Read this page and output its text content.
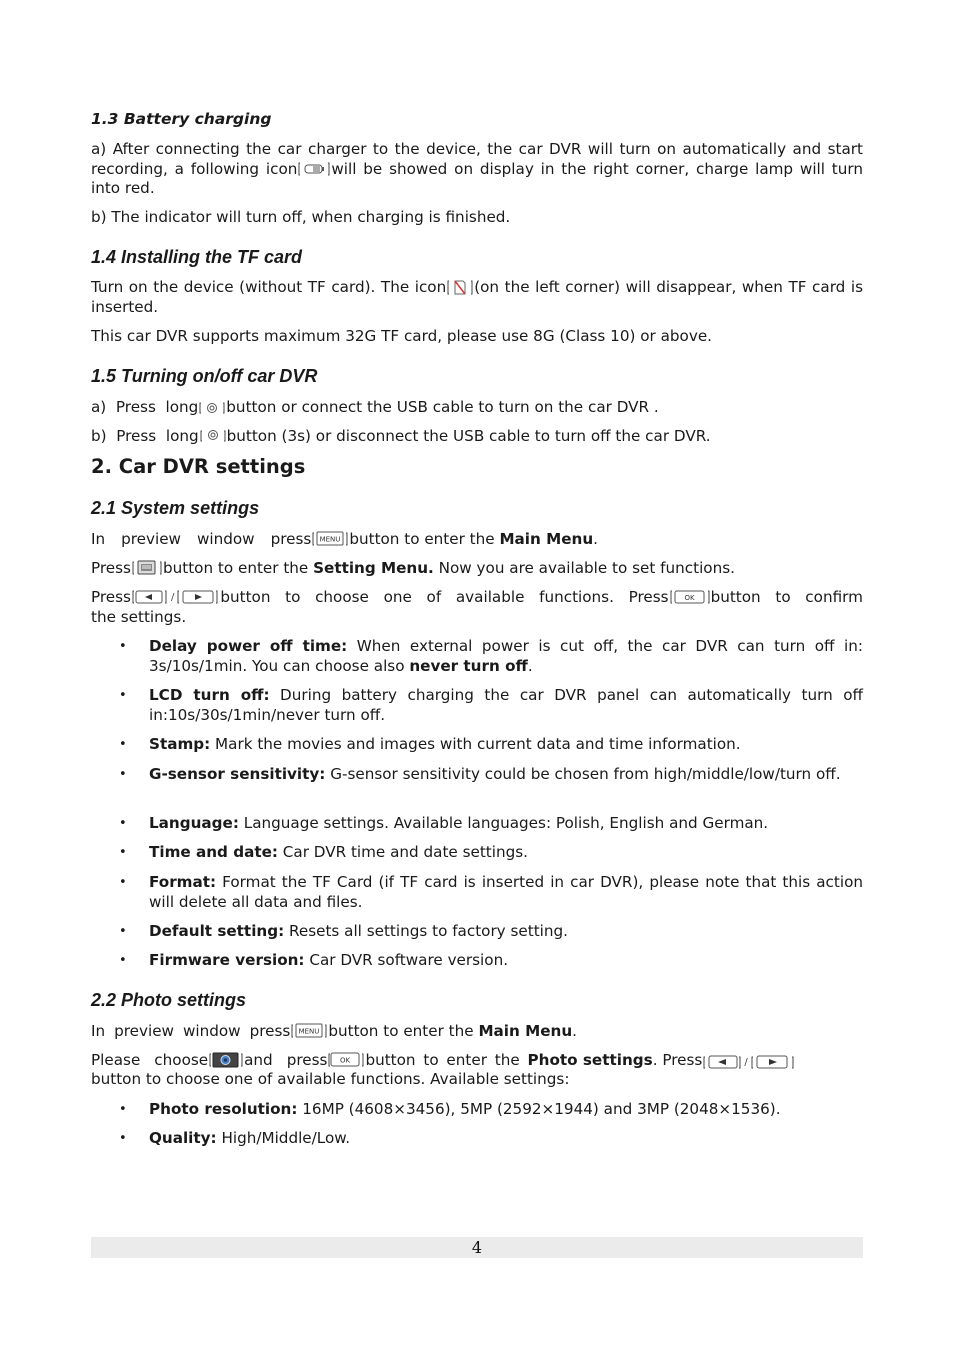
1.3 Battery charging
a) After connecting the car charger to the device, the car DVR will turn on automatically and start recording, a following icon will be showed on display in the right corner, charge lamp will turn into red.
b) The indicator will turn off, when charging is finished.
1.4 Installing the TF card
Turn on the device (without TF card). The icon (on the left corner) will disappear, when TF card is inserted.
This car DVR supports maximum 32G TF card, please use 8G (Class 10) or above.
1.5 Turning on/off car DVR
a)  Press  long button or connect the USB cable to turn on the car DVR .
b)  Press  long button (3s) or disconnect the USB cable to turn off the car DVR.
2. Car DVR settings
2.1 System settings
In preview window press MENU button to enter the Main Menu.
Press button to enter the Setting Menu. Now you are available to set functions.
Press	/	button to choose one of available functions. Press OK button to confirm
the settings.
• Delay power off time: When external power is cut off, the car DVR can turn off in: 3s/10s/1min. You can choose also never turn off.
• LCD turn off: During battery charging the car DVR panel can automatically turn off in:10s/30s/1min/never turn off.
• Stamp: Mark the movies and images with current data and time information.
• G-sensor sensitivity: G-sensor sensitivity could be chosen from high/middle/low/turn off.
• Language: Language settings. Available languages: Polish, English and German.
• Time and date: Car DVR time and date settings.
• Format: Format the TF Card (if TF card is inserted in car DVR), please note that this action will delete all data and files.
• Default setting: Resets all settings to factory setting.
• Firmware version: Car DVR software version.
2.2 Photo settings
In preview window press MENU button to enter the Main Menu.
Please choose and press OK button to enter the Photo settings. Press	/
button to choose one of available functions. Available settings:
• Photo resolution: 16MP (4608×3456), 5MP (2592×1944) and 3MP (2048×1536).
• Quality: High/Middle/Low.
4
